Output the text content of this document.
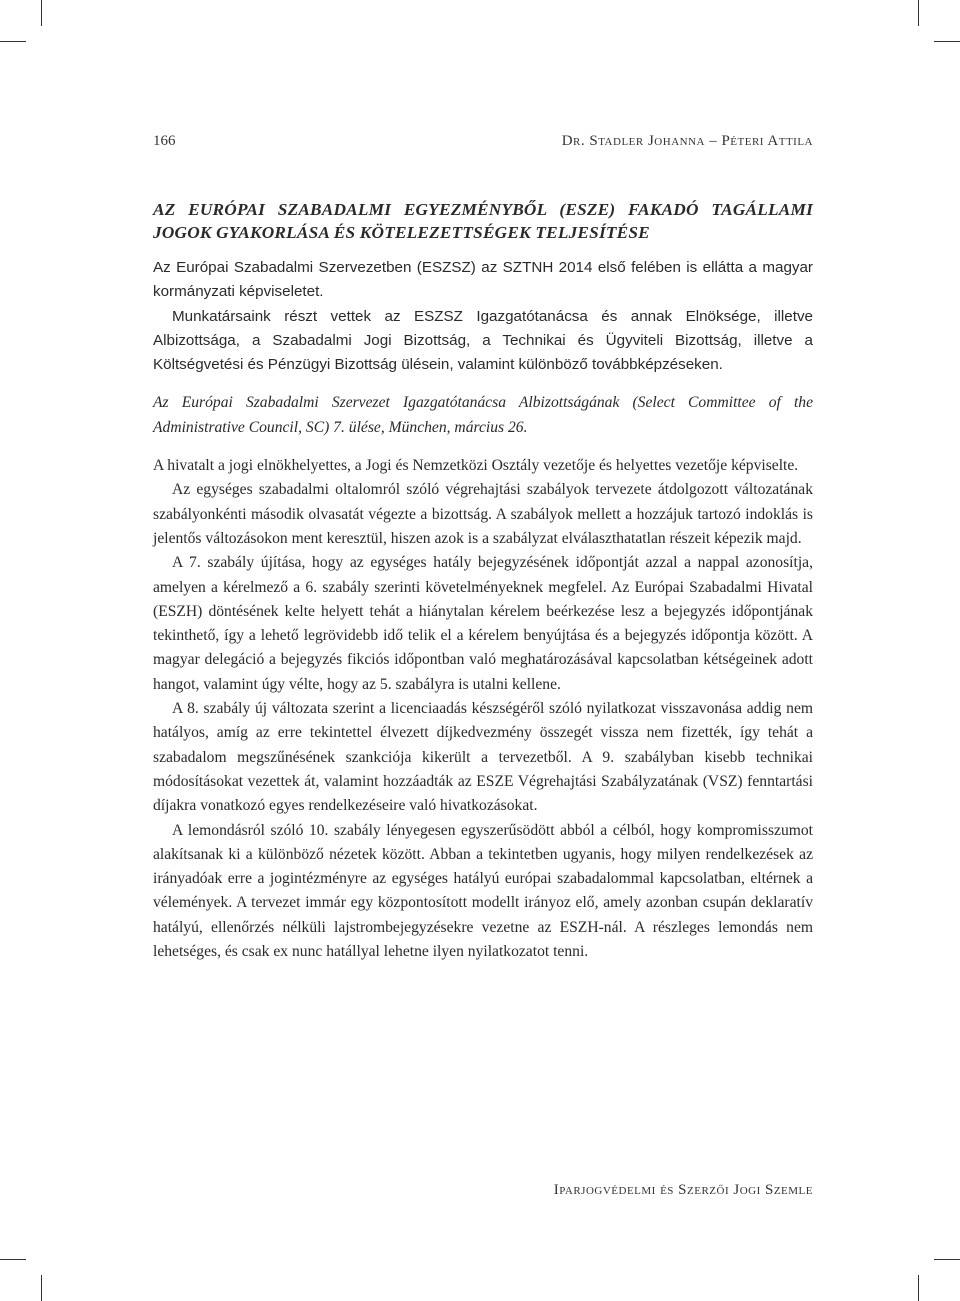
166	Dr. Stadler Johanna – Péteri Attila
AZ EURÓPAI SZABADALMI EGYEZMÉNYBŐL (ESZE) FAKADÓ TAGÁLLAMI JOGOK GYAKORLÁSA ÉS KÖTELEZETTSÉGEK TELJESÍTÉSE

Az Európai Szabadalmi Szervezetben (ESZSZ) az SZTNH 2014 első felében is ellátta a magyar kormányzati képviseletet.

Munkatársaink részt vettek az ESZSZ Igazgatótanácsa és annak Elnöksége, illetve Albizottsága, a Szabadalmi Jogi Bizottság, a Technikai és Ügyviteli Bizottság, illetve a Költségvetési és Pénzügyi Bizottság ülésein, valamint különböző továbbképzéseken.

Az Európai Szabadalmi Szervezet Igazgatótanácsa Albizottságának (Select Committee of the Administrative Council, SC) 7. ülése, München, március 26.

A hivatalt a jogi elnökhelyettes, a Jogi és Nemzetközi Osztály vezetője és helyettes vezetője képviselte.

Az egységes szabadalmi oltalomról szóló végrehajtási szabályok tervezete átdolgozott változatának szabályonkénti második olvasatát végezte a bizottság. A szabályok mellett a hozzájuk tartozó indoklás is jelentős változásokon ment keresztül, hiszen azok is a szabályzat elválaszthatatlan részeit képezik majd.

A 7. szabály újítása, hogy az egységes hatály bejegyzésének időpontját azzal a nappal azonosítja, amelyen a kérelmező a 6. szabály szerinti követelményeknek megfelel. Az Európai Szabadalmi Hivatal (ESZH) döntésének kelte helyett tehát a hiánytalan kérelem beérkezése lesz a bejegyzés időpontjának tekinthető, így a lehető legrövidebb idő telik el a kérelem benyújtása és a bejegyzés időpontja között. A magyar delegáció a bejegyzés fikciós időpontban való meghatározásával kapcsolatban kétségeinek adott hangot, valamint úgy vélte, hogy az 5. szabályra is utalni kellene.

A 8. szabály új változata szerint a licenciaadás készségéről szóló nyilatkozat visszavonása addig nem hatályos, amíg az erre tekintettel élvezett díjkedvezmény összegét vissza nem fizették, így tehát a szabadalom megszűnésének szankciója kikerült a tervezetből. A 9. szabályban kisebb technikai módosításokat vezettek át, valamint hozzáadták az ESZE Végrehajtási Szabályzatának (VSZ) fenntartási díjakra vonatkozó egyes rendelkezéseire való hivatkozásokat.

A lemondásról szóló 10. szabály lényegesen egyszerűsödött abból a célból, hogy kompromisszumot alakítsanak ki a különböző nézetek között. Abban a tekintetben ugyanis, hogy milyen rendelkezések az irányadóak erre a jogintézményre az egységes hatályú európai szabadalommal kapcsolatban, eltérnek a vélemények. A tervezet immár egy központosított modellt irányoz elő, amely azonban csupán deklaratív hatályú, ellenőrzés nélküli lajstrombejegyzésekre vezetne az ESZH-nál. A részleges lemondás nem lehetséges, és csak ex nunc hatállyal lehetne ilyen nyilatkozatot tenni.

Iparjogvédelmi és Szerzői Jogi Szemle
